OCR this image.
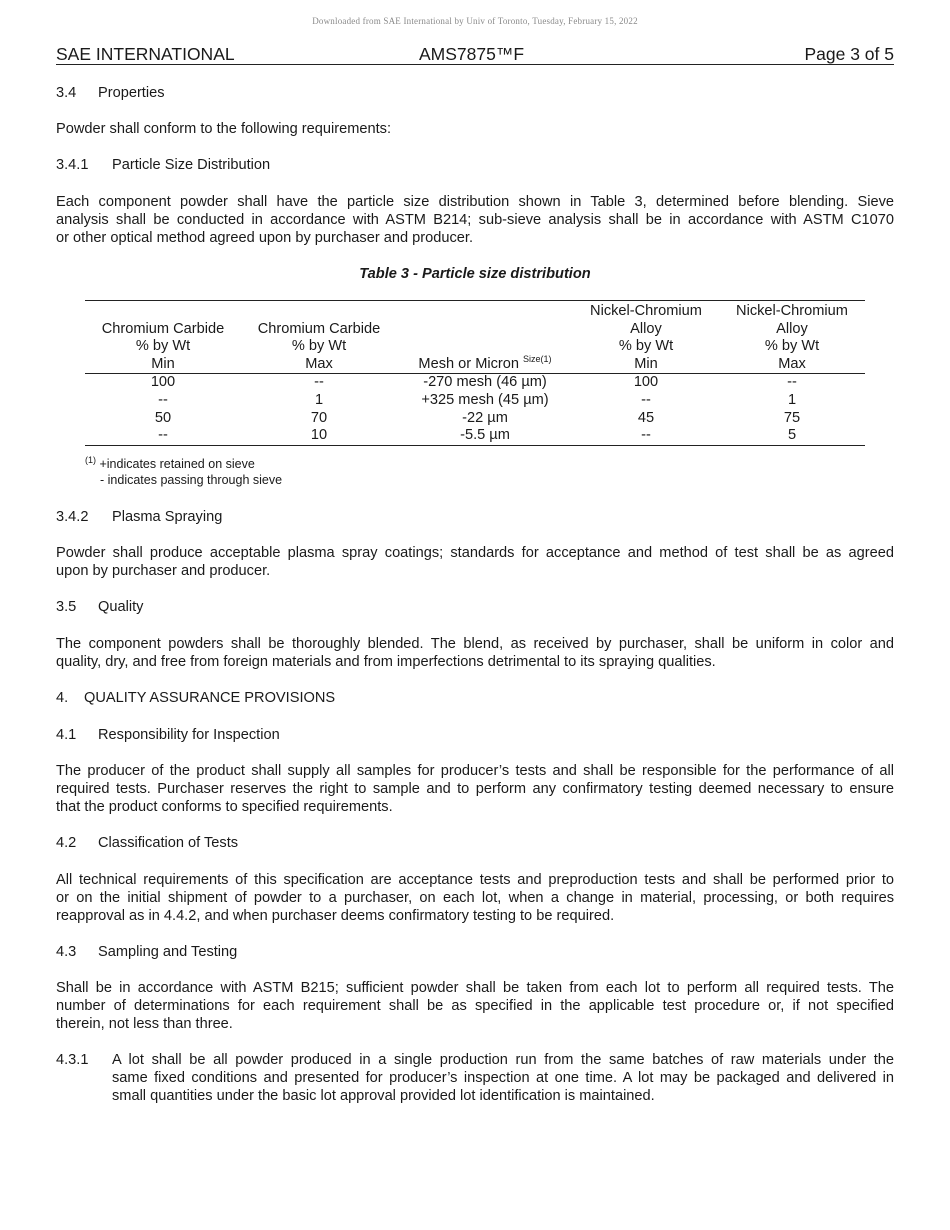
Downloaded from SAE International by Univ of Toronto, Tuesday, February 15, 2022
SAE INTERNATIONAL	AMS7875™F	Page 3 of 5
3.4 Properties
Powder shall conform to the following requirements:
3.4.1 Particle Size Distribution
Each component powder shall have the particle size distribution shown in Table 3, determined before blending. Sieve
analysis shall be conducted in accordance with ASTM B214; sub-sieve analysis shall be in accordance with ASTM C1070
or other optical method agreed upon by purchaser and producer.
Table 3 - Particle size distribution
			Nickel-Chromium	Nickel-Chromium
Chromium Carbide	Chromium Carbide		Alloy	Alloy
% by Wt	% by Wt		% by Wt	% by Wt
Min	Max	Mesh or Micron $^{Size(1)}$	Min	Max
100	--	-270 mesh (46 µm)	100	--
--	1	+325 mesh (45 µm)	--	1
50	70	-22 µm	45	75
--	10	-5.5 µm	--	5
$^{(1)}$ +indicates retained on sieve
- indicates passing through sieve
3.4.2 Plasma Spraying
Powder shall produce acceptable plasma spray coatings; standards for acceptance and method of test shall be as agreed
upon by purchaser and producer.
3.5 Quality
The component powders shall be thoroughly blended. The blend, as received by purchaser, shall be uniform in color and
quality, dry, and free from foreign materials and from imperfections detrimental to its spraying qualities.
4. QUALITY ASSURANCE PROVISIONS
4.1 Responsibility for Inspection
The producer of the product shall supply all samples for producer’s tests and shall be responsible for the performance of all
required tests. Purchaser reserves the right to sample and to perform any confirmatory testing deemed necessary to ensure
that the product conforms to specified requirements.
4.2 Classification of Tests
All technical requirements of this specification are acceptance tests and preproduction tests and shall be performed prior to
or on the initial shipment of powder to a purchaser, on each lot, when a change in material, processing, or both requires
reapproval as in 4.4.2, and when purchaser deems confirmatory testing to be required.
4.3 Sampling and Testing
Shall be in accordance with ASTM B215; sufficient powder shall be taken from each lot to perform all required tests. The
number of determinations for each requirement shall be as specified in the applicable test procedure or, if not specified
therein, not less than three.
4.3.1 A lot shall be all powder produced in a single production run from the same batches of raw materials under the
same fixed conditions and presented for producer’s inspection at one time. A lot may be packaged and delivered in
small quantities under the basic lot approval provided lot identification is maintained.
